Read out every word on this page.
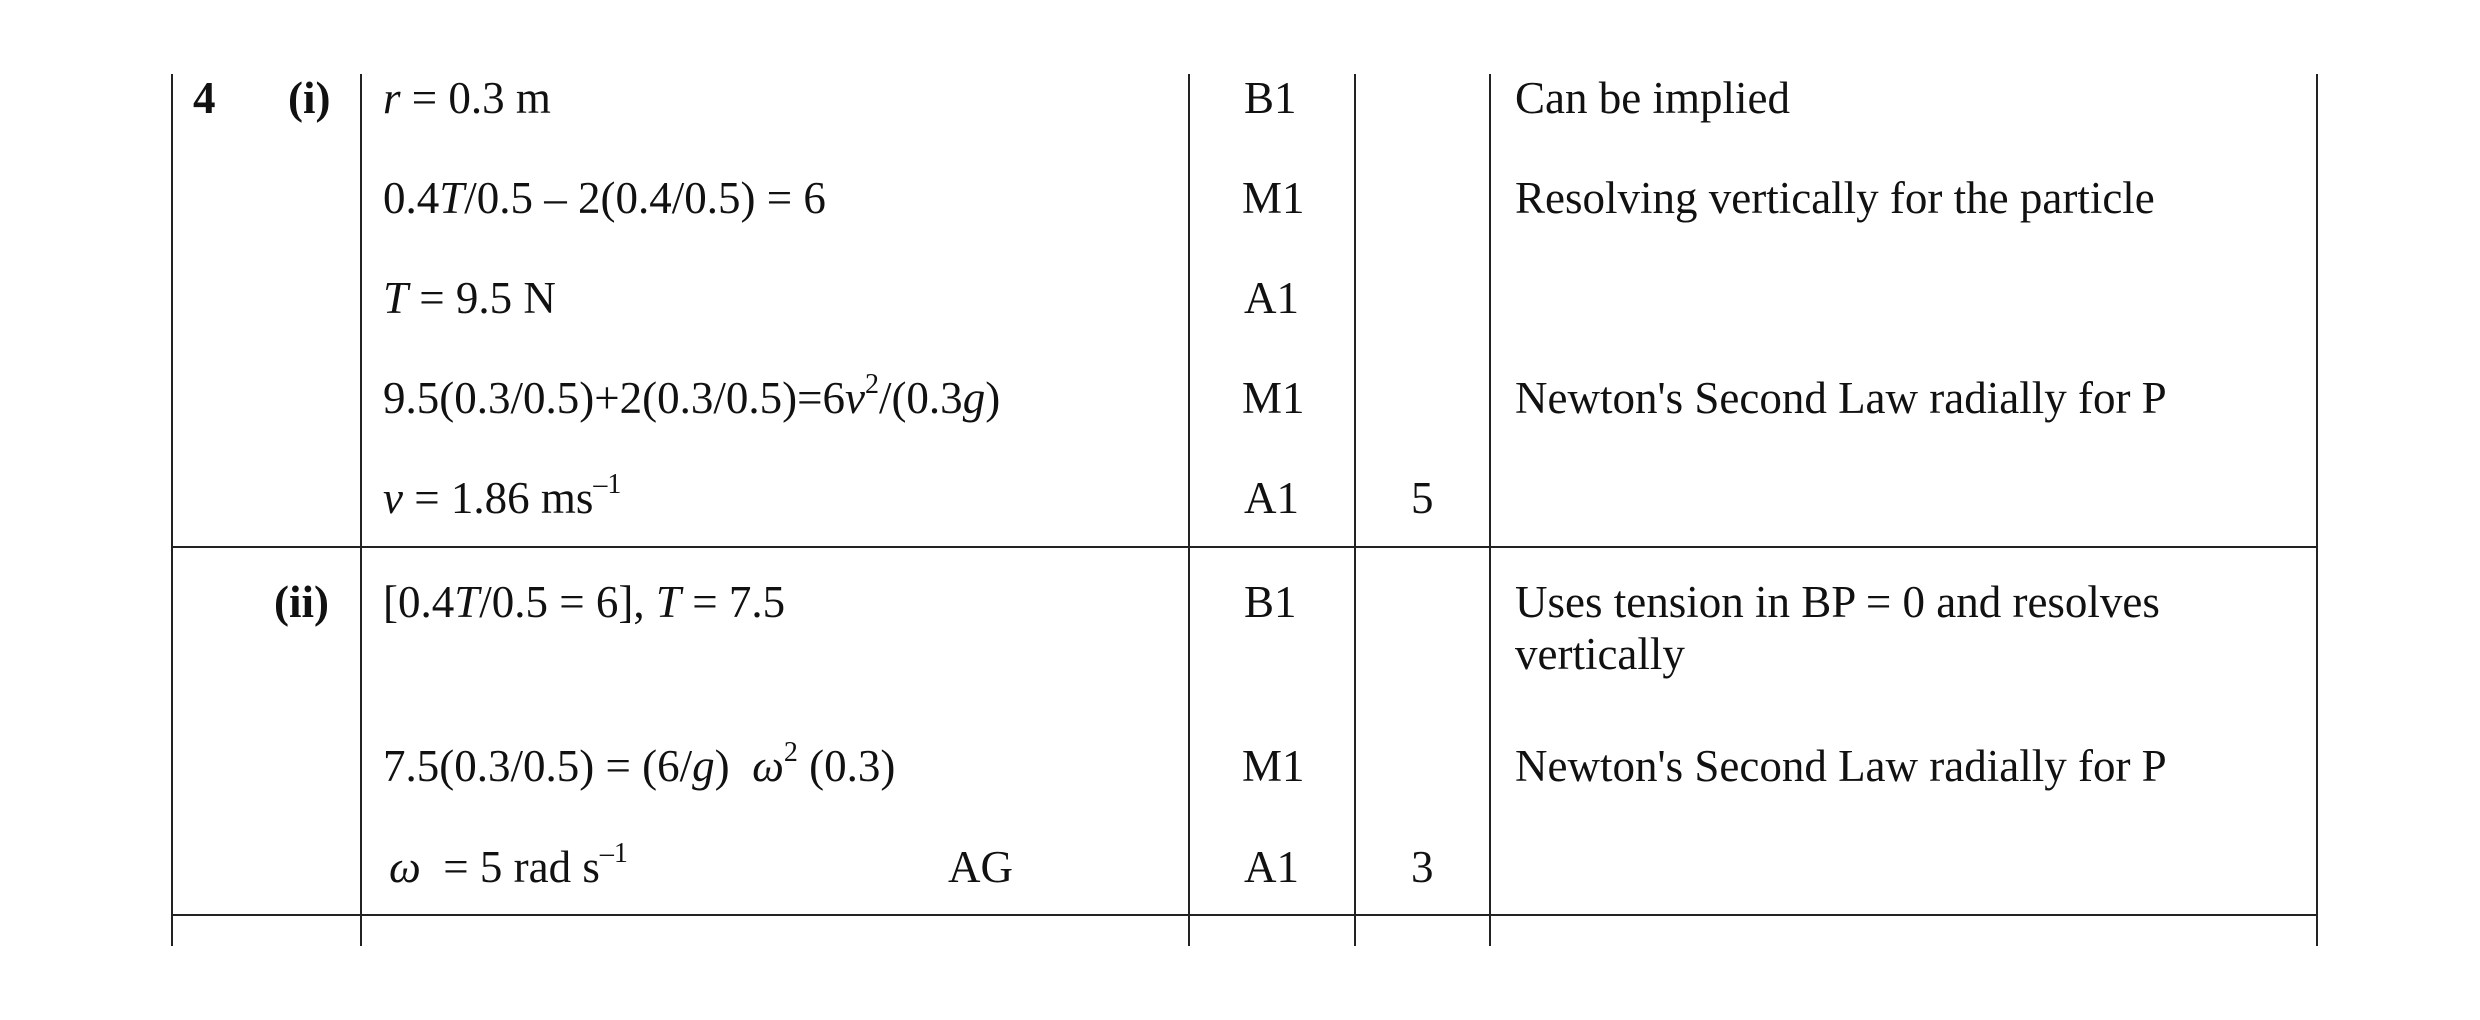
4 (i)
(ii)
r = 0.3 m
0.4T/0.5 – 2(0.4/0.5) = 6
T = 9.5 N
$9.5(0.3/0.5)+2(0.3/0.5)=6v^2/(0.3g)$
v = 1.86 $ms^{-1}$
[0.4T/0.5 = 6], T = 7.5
7.5(0.3/0.5) = (6/g)  $\omega^2$ (0.3)
ω  = 5 rad $s^{-1}$	AG
B1
M1
A1
M1
A1 5
B1
M1
A1 3
Can be implied
Resolving vertically for the particle
Newton's Second Law radially for P
Uses tension in BP = 0 and resolves vertically
Newton's Second Law radially for P
